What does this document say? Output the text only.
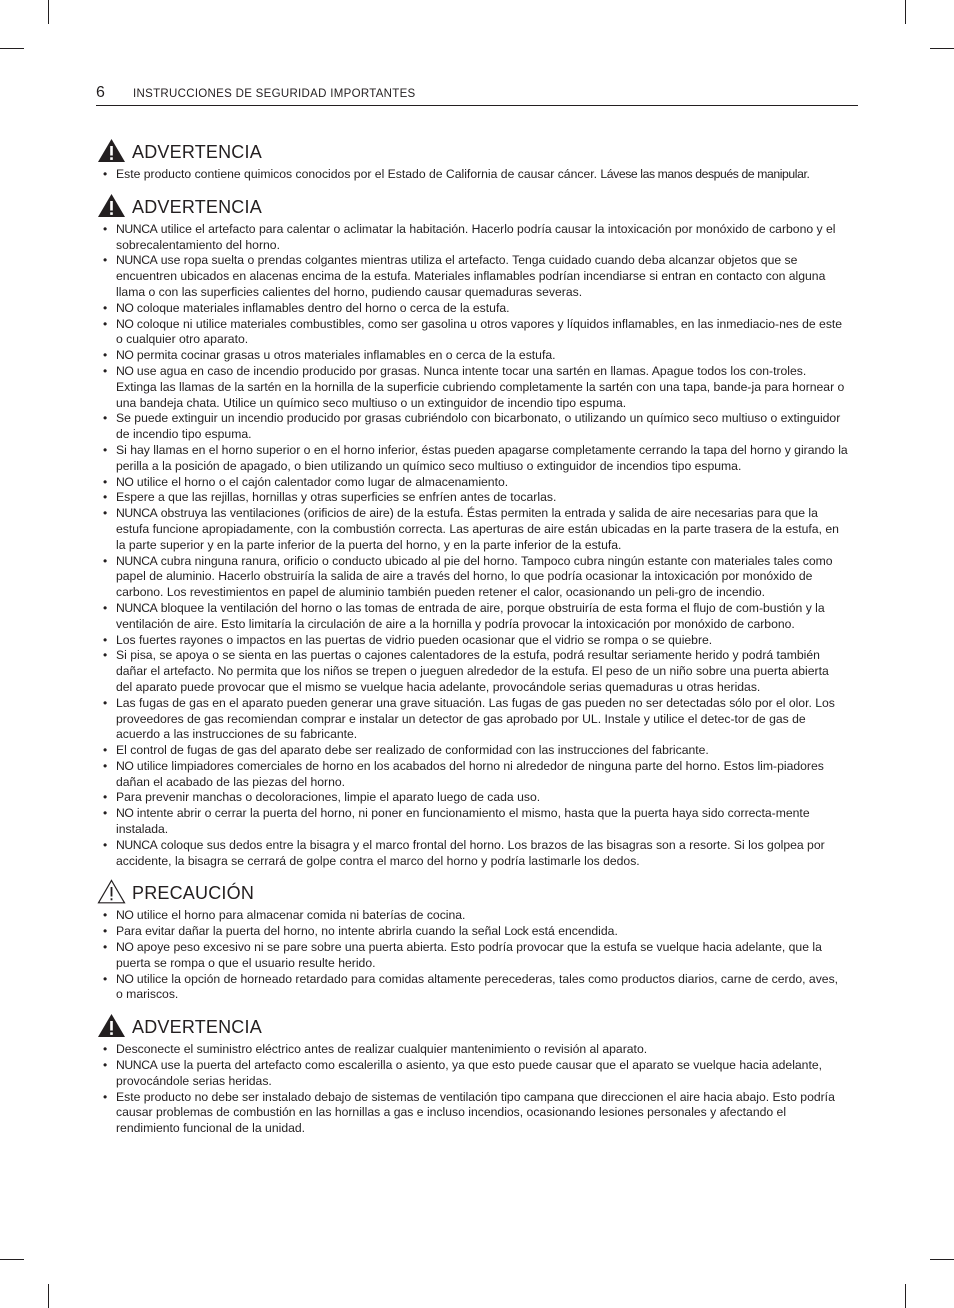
6 INSTRUCCIONES DE SEGURIDAD IMPORTANTES
ADVERTENCIA
• Este producto contiene quimicos conocidos por el Estado de California de causar cáncer. Lávese las manos después de manipular.
ADVERTENCIA
• NUNCA utilice el artefacto para calentar o aclimatar la habitación. Hacerlo podría causar la intoxicación por monóxido de carbono y el sobrecalentamiento del horno.
• NUNCA use ropa suelta o prendas colgantes mientras utiliza el artefacto. Tenga cuidado cuando deba alcanzar objetos que se encuentren ubicados en alacenas encima de la estufa. Materiales inflamables podrían incendiarse si entran en contacto con alguna llama o con las superficies calientes del horno, pudiendo causar quemaduras severas.
• NO coloque materiales inflamables dentro del horno o cerca de la estufa.
• NO coloque ni utilice materiales combustibles, como ser gasolina u otros vapores y líquidos inflamables, en las inmediacio-nes de este o cualquier otro aparato.
• NO permita cocinar grasas u otros materiales inflamables en o cerca de la estufa.
• NO use agua en caso de incendio producido por grasas. Nunca intente tocar una sartén en llamas. Apague todos los con-troles. Extinga las llamas de la sartén en la hornilla de la superficie cubriendo completamente la sartén con una tapa, bande-ja para hornear o una bandeja chata. Utilice un químico seco multiuso o un extinguidor de incendio tipo espuma.
• Se puede extinguir un incendio producido por grasas cubriéndolo con bicarbonato, o utilizando un químico seco multiuso o extinguidor de incendio tipo espuma.
• Si hay llamas en el horno superior o en el horno inferior, éstas pueden apagarse completamente cerrando la tapa del horno y girando la perilla a la posición de apagado, o bien utilizando un químico seco multiuso o extinguidor de incendios tipo espuma.
• NO utilice el horno o el cajón calentador como lugar de almacenamiento.
• Espere a que las rejillas, hornillas y otras superficies se enfríen antes de tocarlas.
• NUNCA obstruya las ventilaciones (orificios de aire) de la estufa. Éstas permiten la entrada y salida de aire necesarias para que la estufa funcione apropiadamente, con la combustión correcta. Las aperturas de aire están ubicadas en la parte trasera de la estufa, en la parte superior y en la parte inferior de la puerta del horno, y en la parte inferior de la estufa.
• NUNCA cubra ninguna ranura, orificio o conducto ubicado al pie del horno. Tampoco cubra ningún estante con materiales tales como papel de aluminio. Hacerlo obstruiría la salida de aire a través del horno, lo que podría ocasionar la intoxicación por monóxido de carbono. Los revestimientos en papel de aluminio también pueden retener el calor, ocasionando un peli-gro de incendio.
• NUNCA bloquee la ventilación del horno o las tomas de entrada de aire, porque obstruiría de esta forma el flujo de com-bustión y la ventilación de aire. Esto limitaría la circulación de aire a la hornilla y podría provocar la intoxicación por monóxido de carbono.
• Los fuertes rayones o impactos en las puertas de vidrio pueden ocasionar que el vidrio se rompa o se quiebre.
• Si pisa, se apoya o se sienta en las puertas o cajones calentadores de la estufa, podrá resultar seriamente herido y podrá también dañar el artefacto. No permita que los niños se trepen o jueguen alrededor de la estufa. El peso de un niño sobre una puerta abierta del aparato puede provocar que el mismo se vuelque hacia adelante, provocándole serias quemaduras u otras heridas.
• Las fugas de gas en el aparato pueden generar una grave situación. Las fugas de gas pueden no ser detectadas sólo por el olor. Los proveedores de gas recomiendan comprar e instalar un detector de gas aprobado por UL. Instale y utilice el detec-tor de gas de acuerdo a las instrucciones de su fabricante.
• El control de fugas de gas del aparato debe ser realizado de conformidad con las instrucciones del fabricante.
• NO utilice limpiadores comerciales de horno en los acabados del horno ni alrededor de ninguna parte del horno. Estos lim-piadores dañan el acabado de las piezas del horno.
• Para prevenir manchas o decoloraciones, limpie el aparato luego de cada uso.
• NO intente abrir o cerrar la puerta del horno, ni poner en funcionamiento el mismo, hasta que la puerta haya sido correcta-mente instalada.
• NUNCA coloque sus dedos entre la bisagra y el marco frontal del horno. Los brazos de las bisagras son a resorte. Si los golpea por accidente, la bisagra se cerrará de golpe contra el marco del horno y podría lastimarle los dedos.
PRECAUCIÓN
• NO utilice el horno para almacenar comida ni baterías de cocina.
• Para evitar dañar la puerta del horno, no intente abrirla cuando la señal Lock está encendida.
• NO apoye peso excesivo ni se pare sobre una puerta abierta. Esto podría provocar que la estufa se vuelque hacia adelante, que la puerta se rompa o que el usuario resulte herido.
• NO utilice la opción de horneado retardado para comidas altamente perecederas, tales como productos diarios, carne de cerdo, aves, o mariscos.
ADVERTENCIA
• Desconecte el suministro eléctrico antes de realizar cualquier mantenimiento o revisión al aparato.
• NUNCA use la puerta del artefacto como escalerilla o asiento, ya que esto puede causar que el aparato se vuelque hacia adelante, provocándole serias heridas.
• Este producto no debe ser instalado debajo de sistemas de ventilación tipo campana que direccionen el aire hacia abajo. Esto podría causar problemas de combustión en las hornillas a gas e incluso incendios, ocasionando lesiones personales y afectando el rendimiento funcional de la unidad.
